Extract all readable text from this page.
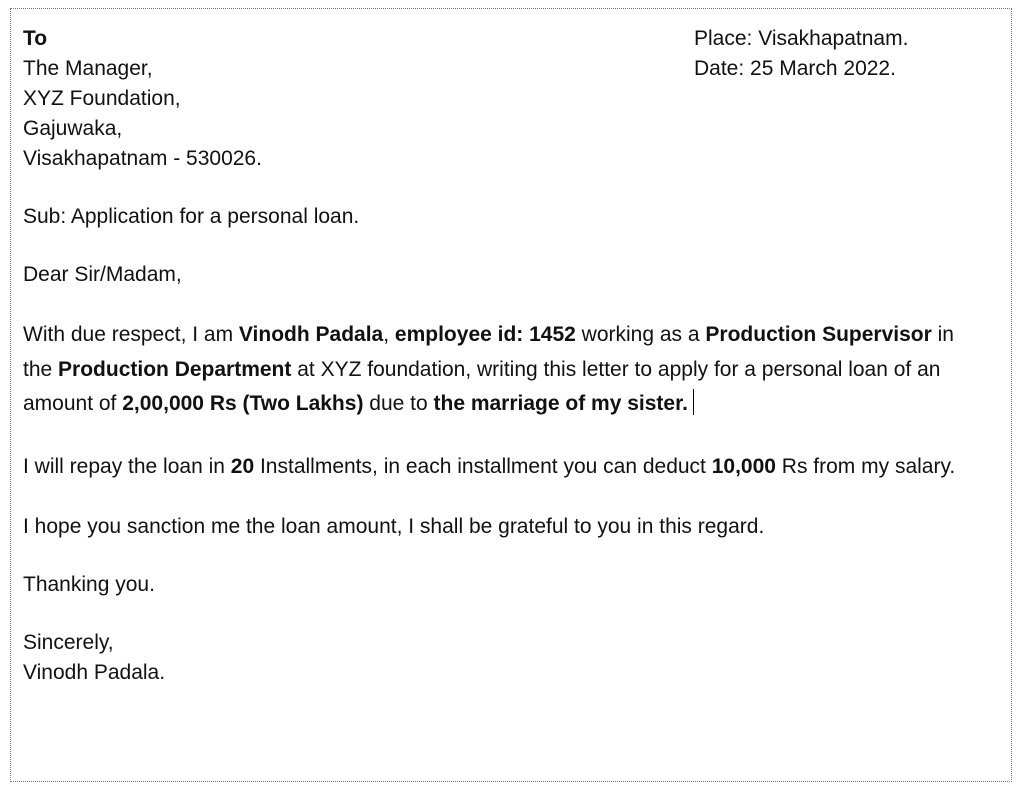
Place: Visakhapatnam.
Date: 25 March 2022.
To
The Manager,
XYZ Foundation,
Gajuwaka,
Visakhapatnam - 530026.
Sub: Application for a personal loan.
Dear Sir/Madam,
With due respect, I am Vinodh Padala, employee id: 1452 working as a Production Supervisor in the Production Department at XYZ foundation, writing this letter to apply for a personal loan of an amount of 2,00,000 Rs (Two Lakhs) due to the marriage of my sister.
I will repay the loan in 20 Installments, in each installment you can deduct 10,000 Rs from my salary.
I hope you sanction me the loan amount, I shall be grateful to you in this regard.
Thanking you.
Sincerely,
Vinodh Padala.
